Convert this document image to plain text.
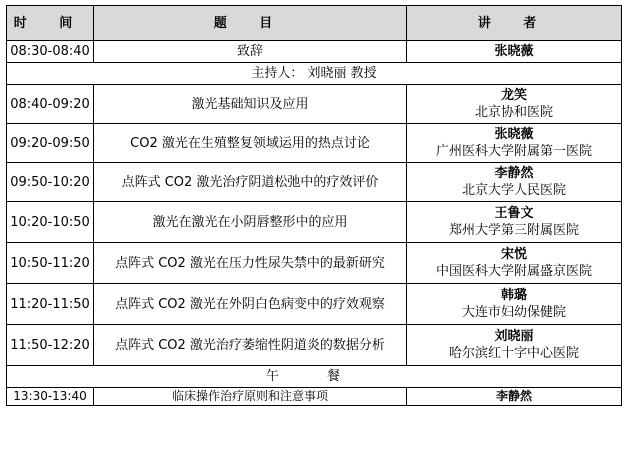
时 间	题 目	讲 者
08:30-08:40	致辞	张晓薇

主持人： 刘晓丽 教授		
08:40-09:20	激光基础知识及应用	龙笑
北京协和医院

09:20-09:50	CO2 激光在生殖整复领域运用的热点讨论	张晓薇
广州医科大学附属第一医院

09:50-10:20	点阵式 CO2 激光治疗阴道松弛中的疗效评价	李静然
北京大学人民医院

10:20-10:50	激光在激光在小阴唇整形中的应用	王鲁文
郑州大学第三附属医院

10:50-11:20	点阵式 CO2 激光在压力性尿失禁中的最新研究	宋悦
中国医科大学附属盛京医院

11:20-11:50	点阵式 CO2 激光在外阴白色病变中的疗效观察	韩璐
大连市妇幼保健院

11:50-12:20	点阵式 CO2 激光治疗萎缩性阴道炎的数据分析	刘晓丽
哈尔滨红十字中心医院

午 餐		
13:30-13:40	临床操作治疗原则和注意事项	李静然
